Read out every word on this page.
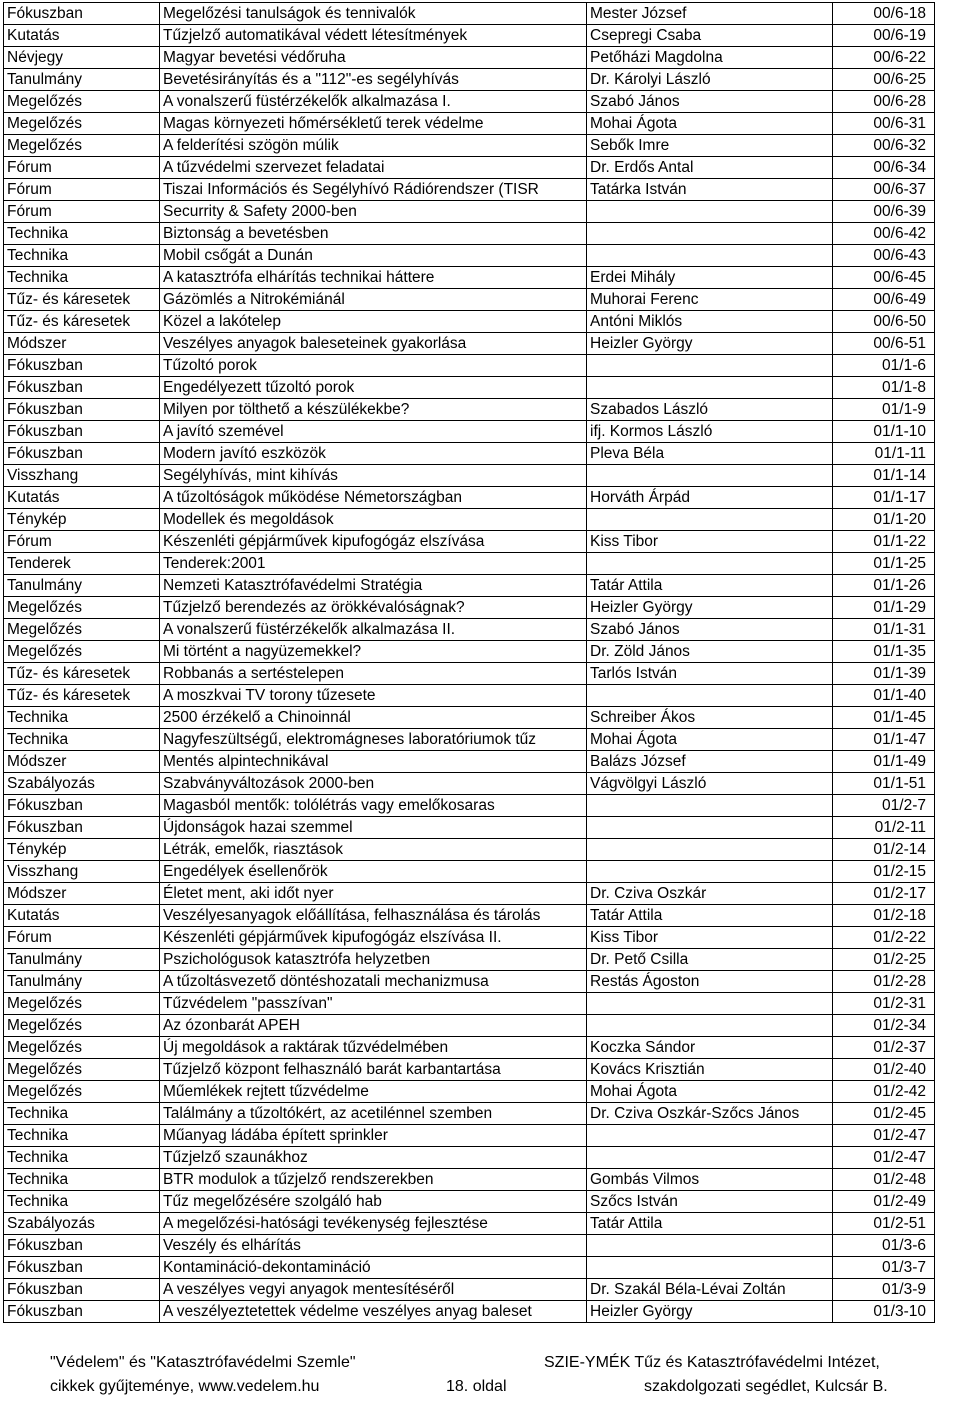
Fókuszban	Megelőzési tanulságok és tennivalók	Mester József	00/6-18
Kutatás	Tűzjelző automatikával védett létesítmények	Csepregi Csaba	00/6-19
Névjegy	Magyar bevetési védőruha	Petőházi Magdolna	00/6-22
Tanulmány	Bevetésirányítás és a "112"-es segélyhívás	Dr. Károlyi László	00/6-25
Megelőzés	A vonalszerű füstérzékelők alkalmazása I.	Szabó János	00/6-28
Megelőzés	Magas környezeti hőmérsékletű terek védelme	Mohai Ágota	00/6-31
Megelőzés	A felderítési szögön múlik	Sebők Imre	00/6-32
Fórum	A tűzvédelmi szervezet feladatai	Dr. Erdős Antal	00/6-34
Fórum	Tiszai Információs és Segélyhívó Rádiórendszer (TISR	Tatárka István	00/6-37
Fórum	Securrity & Safety 2000-ben		00/6-39
Technika	Biztonság a bevetésben		00/6-42
Technika	Mobil csőgát a Dunán		00/6-43
Technika	A katasztrófa elhárítás technikai háttere	Erdei Mihály	00/6-45
Tűz- és káresetek	Gázömlés a Nitrokémiánál	Muhorai Ferenc	00/6-49
Tűz- és káresetek	Közel a lakótelep	Antóni Miklós	00/6-50
Módszer	Veszélyes anyagok baleseteinek gyakorlása	Heizler György	00/6-51
Fókuszban	Tűzoltó porok		01/1-6
Fókuszban	Engedélyezett tűzoltó porok		01/1-8
Fókuszban	Milyen por tölthető a készülékekbe?	Szabados László	01/1-9
Fókuszban	A javító szemével	ifj. Kormos László	01/1-10
Fókuszban	Modern javító eszközök	Pleva Béla	01/1-11
Visszhang	Segélyhívás, mint kihívás		01/1-14
Kutatás	A tűzoltóságok működése Németországban	Horváth Árpád	01/1-17
Ténykép	Modellek és megoldások		01/1-20
Fórum	Készenléti gépjárművek kipufogógáz elszívása	Kiss Tibor	01/1-22
Tenderek	Tenderek:2001		01/1-25
Tanulmány	Nemzeti Katasztrófavédelmi Stratégia	Tatár Attila	01/1-26
Megelőzés	Tűzjelző berendezés az örökkévalóságnak?	Heizler György	01/1-29
Megelőzés	A vonalszerű füstérzékelők alkalmazása II.	Szabó János	01/1-31
Megelőzés	Mi történt a nagyüzemekkel?	Dr. Zöld János	01/1-35
Tűz- és káresetek	Robbanás a sertéstelepen	Tarlós István	01/1-39
Tűz- és káresetek	A moszkvai TV torony tűzesete		01/1-40
Technika	2500 érzékelő a Chinoinnál	Schreiber Ákos	01/1-45
Technika	Nagyfeszültségű, elektromágneses laboratóriumok tűz	Mohai Ágota	01/1-47
Módszer	Mentés alpintechnikával	Balázs József	01/1-49
Szabályozás	Szabványváltozások 2000-ben	Vágvölgyi László	01/1-51
Fókuszban	Magasból mentők: tolólétrás vagy emelőkosaras		01/2-7
Fókuszban	Újdonságok hazai szemmel		01/2-11
Ténykép	Létrák, emelők, riasztások		01/2-14
Visszhang	Engedélyek ésellenőrök		01/2-15
Módszer	Életet ment, aki időt nyer	Dr. Cziva Oszkár	01/2-17
Kutatás	Veszélyesanyagok előállítása, felhasználása és tárolás	Tatár Attila	01/2-18
Fórum	Készenléti gépjárművek kipufogógáz elszívása II.	Kiss Tibor	01/2-22
Tanulmány	Pszichológusok katasztrófa helyzetben	Dr. Pető Csilla	01/2-25
Tanulmány	A tűzoltásvezető döntéshozatali mechanizmusa	Restás Ágoston	01/2-28
Megelőzés	Tűzvédelem "passzívan"		01/2-31
Megelőzés	Az ózonbarát APEH		01/2-34
Megelőzés	Új megoldások a raktárak tűzvédelmében	Koczka Sándor	01/2-37
Megelőzés	Tűzjelző központ felhasználó barát karbantartása	Kovács Krisztián	01/2-40
Megelőzés	Műemlékek rejtett tűzvédelme	Mohai Ágota	01/2-42
Technika	Találmány a tűzoltókért, az acetilénnel szemben	Dr. Cziva Oszkár-Szőcs János	01/2-45
Technika	Műanyag ládába épített sprinkler		01/2-47
Technika	Tűzjelző szaunákhoz		01/2-47
Technika	BTR modulok a tűzjelző rendszerekben	Gombás Vilmos	01/2-48
Technika	Tűz megelőzésére szolgáló hab	Szőcs István	01/2-49
Szabályozás	A megelőzési-hatósági tevékenység fejlesztése	Tatár Attila	01/2-51
Fókuszban	Veszély és elhárítás		01/3-6
Fókuszban	Kontamináció-dekontamináció		01/3-7
Fókuszban	A veszélyes vegyi anyagok mentesítéséről	Dr. Szakál Béla-Lévai Zoltán	01/3-9
Fókuszban	A veszélyeztetettek védelme veszélyes anyag baleset	Heizler György	01/3-10
"Védelem" és "Katasztrófavédelmi Szemle"
cikkek gyűjteménye, www.vedelem.hu	18. oldal
SZIE-YMÉK Tűz és Katasztrófavédelmi Intézet,
szakdolgozati segédlet, Kulcsár B.
